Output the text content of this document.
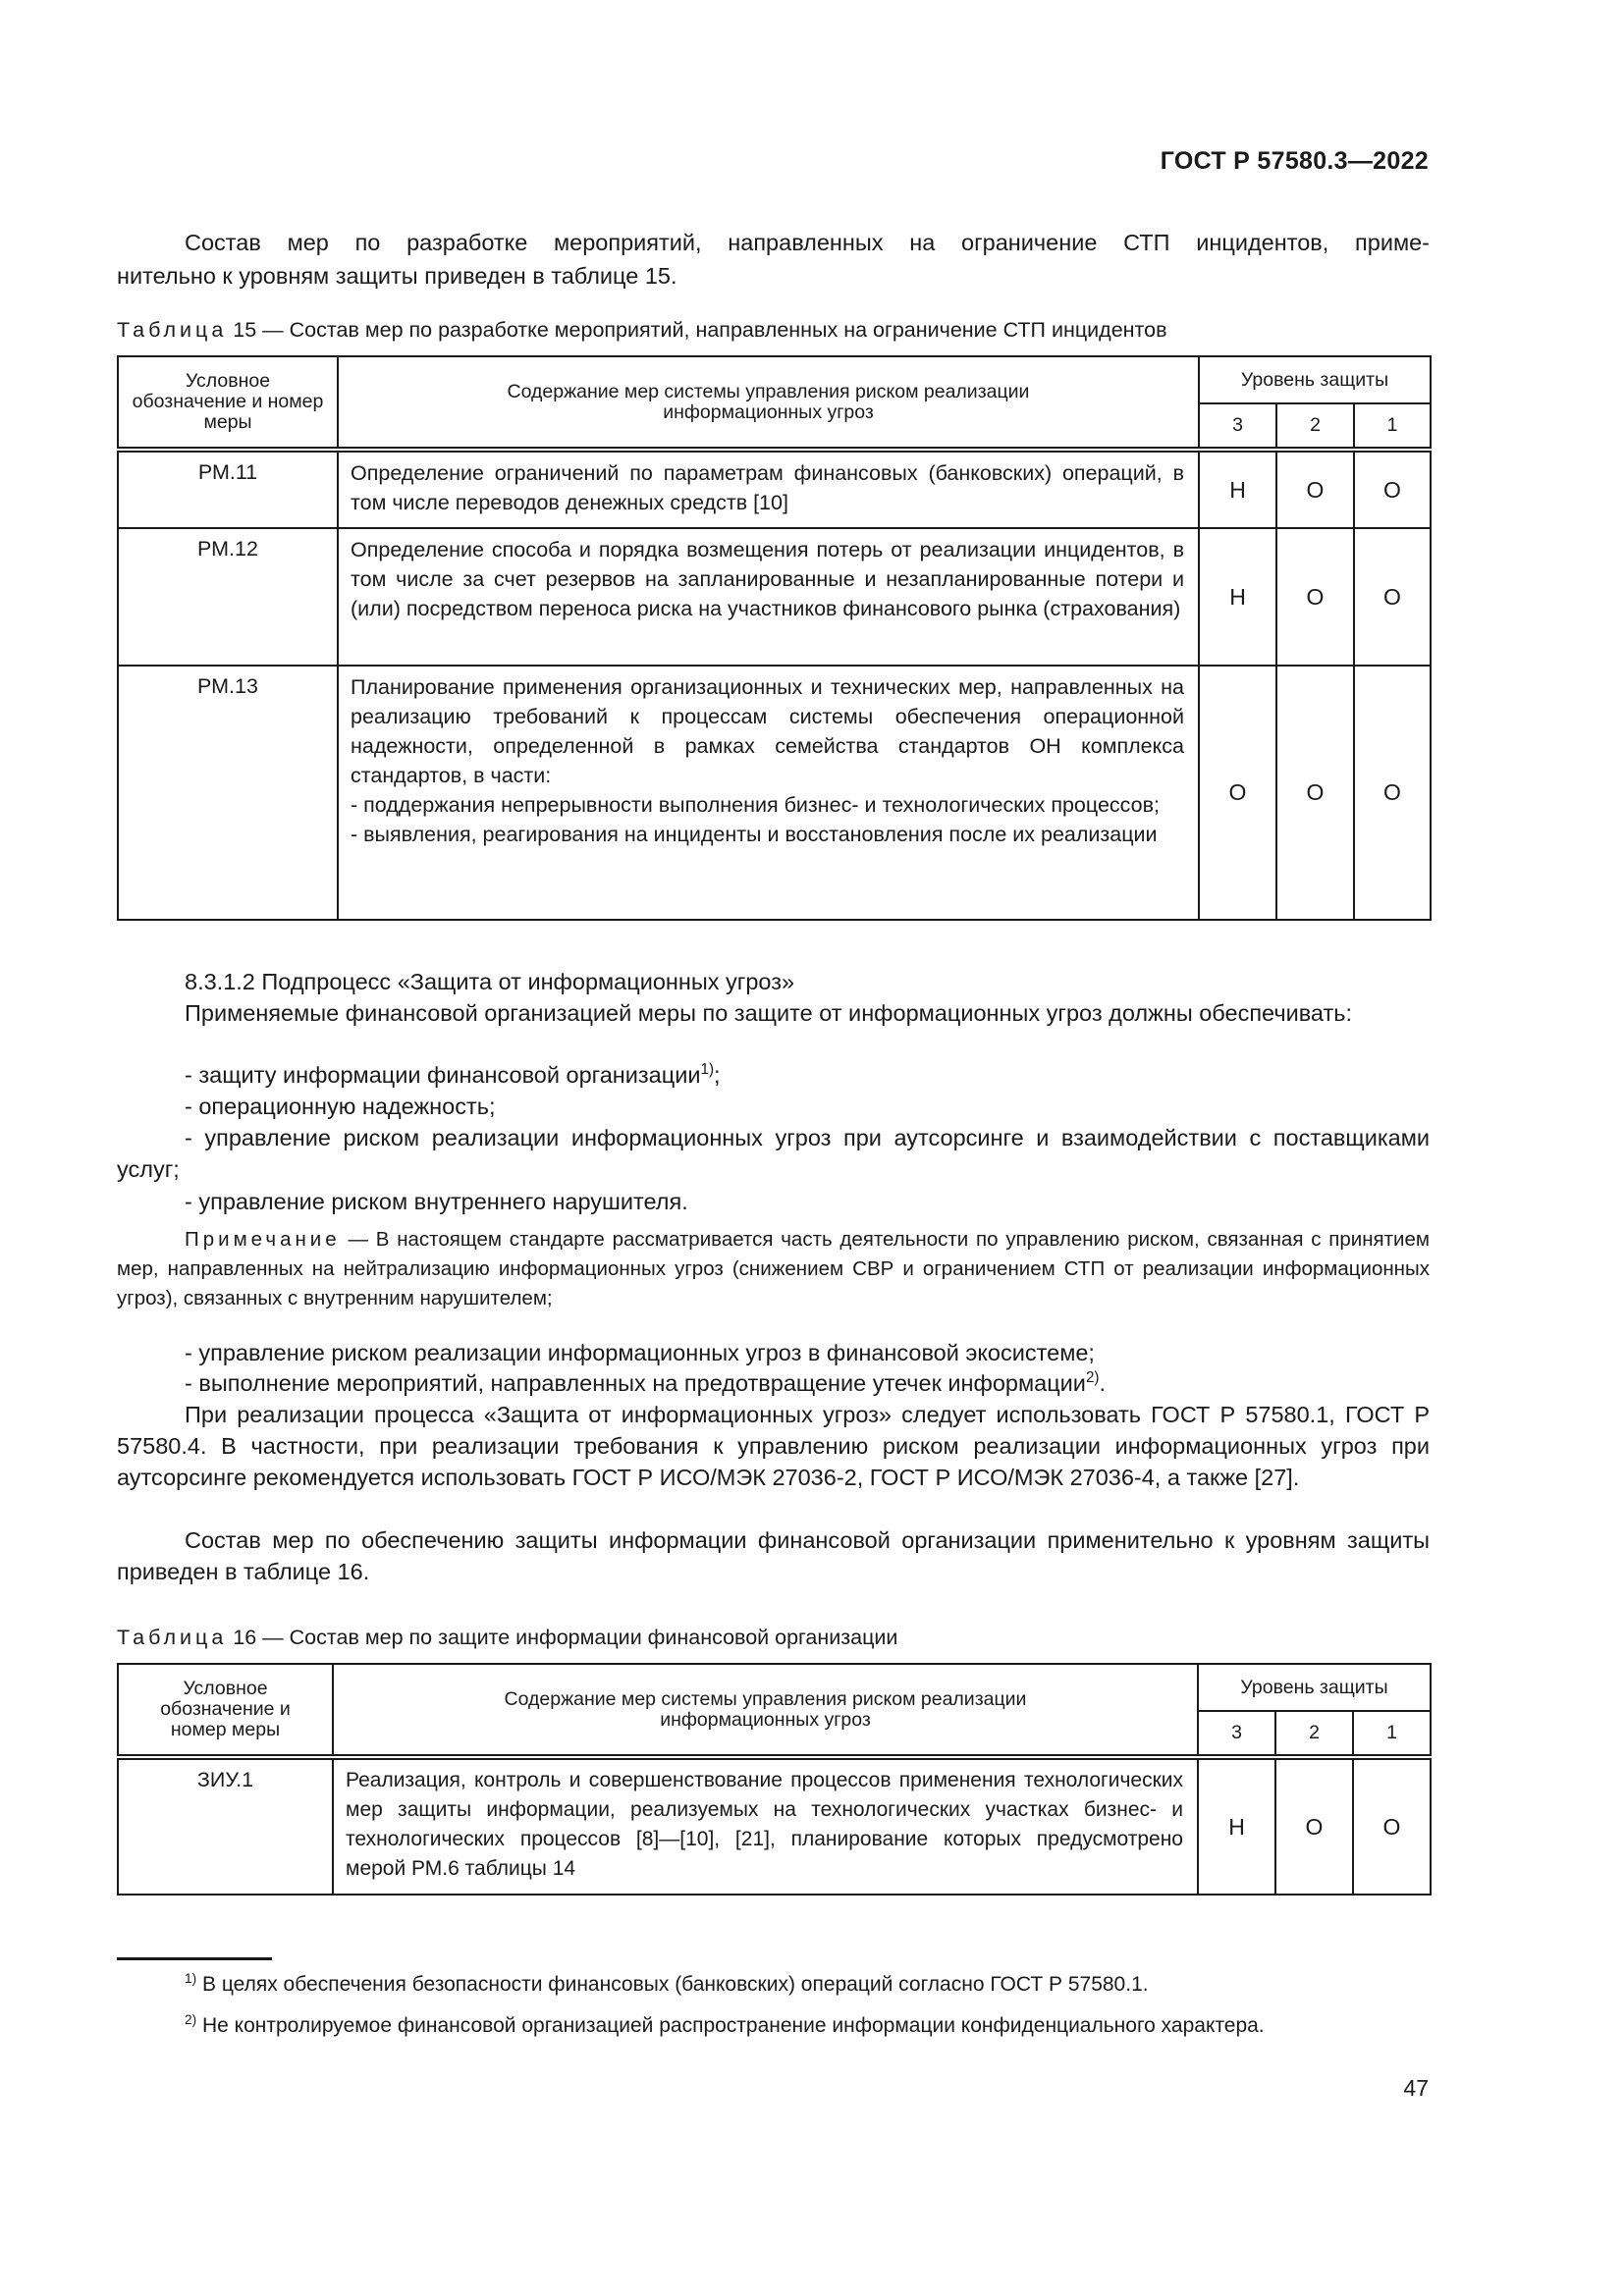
ГОСТ Р 57580.3—2022

Состав мер по разработке мероприятий, направленных на ограничение СТП инцидентов, приме-

нительно к уровням защиты приведен в таблице 15.

Таблица 15 — Состав мер по разработке мероприятий, направленных на ограничение СТП инцидентов
Условное обозначение и номер меры	Содержание мер системы управления риском реализации информационных угроз	Уровень защиты		
		3	2	1
РМ.11	Определение ограничений по параметрам финансовых (банковских) операций, в том числе переводов денежных средств [10]	Н	О	О
РМ.12	Определение способа и порядка возмещения потерь от реализации инцидентов, в том числе за счет резервов на запланированные и незапланированные потери и (или) посредством переноса риска на участников финансового рынка (страхования)	Н	О	О
РМ.13	Планирование применения организационных и технических мер, направленных на реализацию требований к процессам системы обеспечения операционной надежности, определенной в рамках семейства стандартов ОН комплекса стандартов, в части:
- поддержания непрерывности выполнения бизнес- и технологических процессов;
- выявления, реагирования на инциденты и восстановления после их реализации	О	О	О

8.3.1.2 Подпроцесс «Защита от информационных угроз»

Применяемые финансовой организацией меры по защите от информационных угроз должны обеспечивать:

- защиту информации финансовой организации$^{1)}$;

- операционную надежность;

- управление риском реализации информационных угроз при аутсорсинге и взаимодействии с поставщиками услуг;

- управление риском внутреннего нарушителя.

Примечание — В настоящем стандарте рассматривается часть деятельности по управлению риском, связанная с принятием мер, направленных на нейтрализацию информационных угроз (снижением СВР и ограничением СТП от реализации информационных угроз), связанных с внутренним нарушителем;

- управление риском реализации информационных угроз в финансовой экосистеме;

- выполнение мероприятий, направленных на предотвращение утечек информации$^{2)}$.

При реализации процесса «Защита от информационных угроз» следует использовать ГОСТ Р 57580.1, ГОСТ Р 57580.4. В частности, при реализации требования к управлению риском реализации информационных угроз при аутсорсинге рекомендуется использовать ГОСТ Р ИСО/МЭК 27036-2, ГОСТ Р ИСО/МЭК 27036-4, а также [27].

Состав мер по обеспечению защиты информации финансовой организации применительно к уровням защиты приведен в таблице 16.

Таблица 16 — Состав мер по защите информации финансовой организации
Условное обозначение и номер меры	Содержание мер системы управления риском реализации информационных угроз	Уровень защиты		
		3	2	1
ЗИУ.1	Реализация, контроль и совершенствование процессов применения технологических мер защиты информации, реализуемых на технологических участках бизнес- и технологических процессов [8]—[10], [21], планирование которых предусмотрено мерой РМ.6 таблицы 14	Н	О	О

$^{1)}$ В целях обеспечения безопасности финансовых (банковских) операций согласно ГОСТ Р 57580.1.

$^{2)}$ Не контролируемое финансовой организацией распространение информации конфиденциального характера.

47
